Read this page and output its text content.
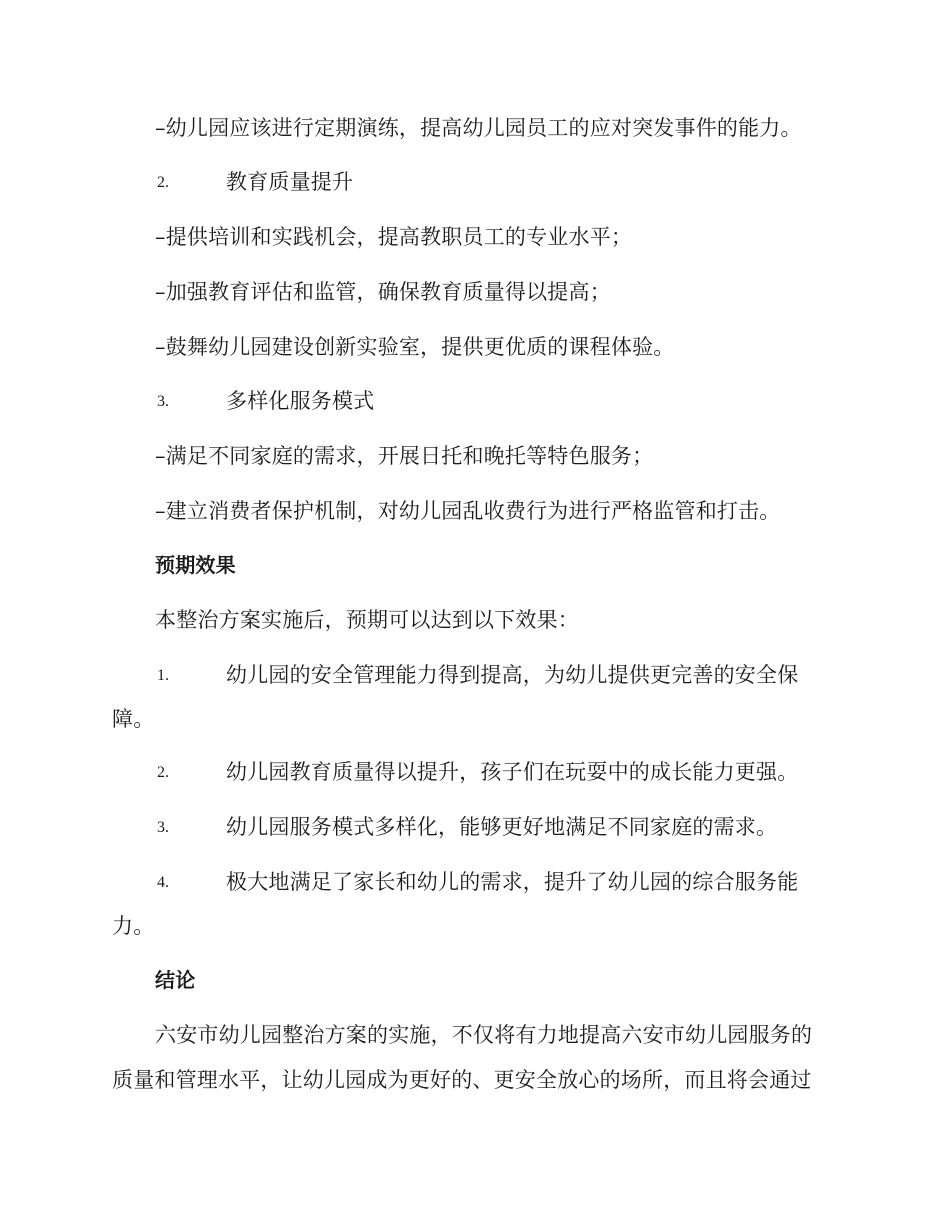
–幼儿园应该进行定期演练，提高幼儿园员工的应对突发事件的能力。
2.	教育质量提升
–提供培训和实践机会，提高教职员工的专业水平；
–加强教育评估和监管，确保教育质量得以提高；
–鼓舞幼儿园建设创新实验室，提供更优质的课程体验。
3.	多样化服务模式
–满足不同家庭的需求，开展日托和晚托等特色服务；
–建立消费者保护机制，对幼儿园乱收费行为进行严格监管和打击。
预期效果
本整治方案实施后，预期可以达到以下效果：
1.	幼儿园的安全管理能力得到提高，为幼儿提供更完善的安全保
障。
2.	幼儿园教育质量得以提升，孩子们在玩耍中的成长能力更强。
3.	幼儿园服务模式多样化，能够更好地满足不同家庭的需求。
4.	极大地满足了家长和幼儿的需求，提升了幼儿园的综合服务能
力。
结论
六安市幼儿园整治方案的实施，不仅将有力地提高六安市幼儿园服务的
质量和管理水平，让幼儿园成为更好的、更安全放心的场所，而且将会通过
